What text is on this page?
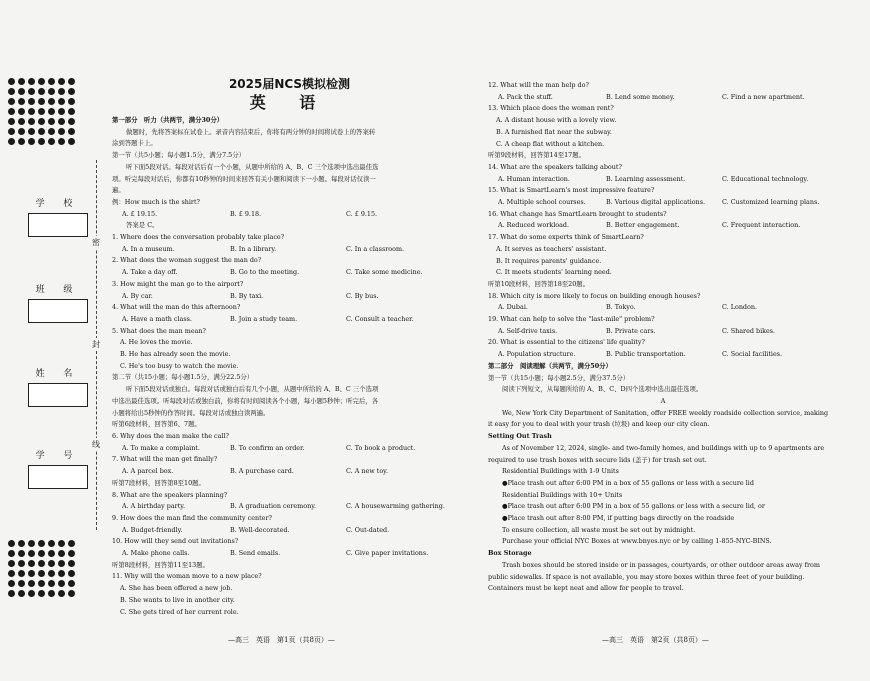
学 校
班 级
姓 名
学 号
密
封
线
2025届NCS模拟检测
英 语
第一部分　听力（共两节，满分30分）
做题时，先将答案标在试卷上。录音内容结束后，你将有两分钟的时间将试卷上的答案转
涂到答题卡上。
第一节（共5小题；每小题1.5分，满分7.5分）
听下面5段对话。每段对话后有一个小题，从题中所给的 A、B、C 三个选项中选出最佳选
项。听完每段对话后，你都有10秒钟的时间来回答有关小题和阅读下一小题。每段对话仅读一
遍。
例：How much is the shirt?
A. £ 19.15.	B. £ 9.18.	C. £ 9.15.
答案是 C。
1. Where does the conversation probably take place?
A. In a museum.	B. In a library.	C. In a classroom.
2. What does the woman suggest the man do?
A. Take a day off.	B. Go to the meeting.	C. Take some medicine.
3. How might the man go to the airport?
A. By car.	B. By taxi.	C. By bus.
4. What will the man do this afternoon?
A. Have a math class.	B. Join a study team.	C. Consult a teacher.
5. What does the man mean?
A. He loves the movie.
B. He has already seen the movie.
C. He's too busy to watch the movie.
第二节（共15小题；每小题1.5分，满分22.5分）
听下面5段对话或独白。每段对话或独白后有几个小题，从题中所给的 A、B、C 三个选项
中选出最佳选项。听每段对话或独白前，你将有时间阅读各个小题，每小题5秒钟；听完后，各
小题将给出5秒钟的作答时间。每段对话或独白读两遍。
听第6段材料，回答第6、7题。
6. Why does the man make the call?
A. To make a complaint.	B. To confirm an order.	C. To book a product.
7. What will the man get finally?
A. A parcel box.	B. A purchase card.	C. A new toy.
听第7段材料，回答第8至10题。
8. What are the speakers planning?
A. A birthday party.	B. A graduation ceremony.	C. A housewarming gathering.
9. How does the man find the community center?
A. Budget-friendly.	B. Well-decorated.	C. Out-dated.
10. How will they send out invitations?
A. Make phone calls.	B. Send emails.	C. Give paper invitations.
听第8段材料，回答第11至13题。
11. Why will the woman move to a new place?
A. She has been offered a new job.
B. She wants to live in another city.
C. She gets tired of her current role.
—高三　英语　第1页（共8页）—
12. What will the man help do?
A. Pack the stuff.	B. Lend some money.	C. Find a new apartment.
13. Which place does the woman rent?
A. A distant house with a lovely view.
B. A furnished flat near the subway.
C. A cheap flat without a kitchen.
听第9段材料，回答第14至17题。
14. What are the speakers talking about?
A. Human interaction.	B. Learning assessment.	C. Educational technology.
15. What is SmartLearn's most impressive feature?
A. Multiple school courses.	B. Various digital applications.	C. Customized learning plans.
16. What change has SmartLearn brought to students?
A. Reduced workload.	B. Better engagement.	C. Frequent interaction.
17. What do some experts think of SmartLearn?
A. It serves as teachers' assistant.
B. It requires parents' guidance.
C. It meets students' learning need.
听第10段材料，回答第18至20题。
18. Which city is more likely to focus on building enough houses?
A. Dubai.	B. Tokyo.	C. London.
19. What can help to solve the "last-mile" problem?
A. Self-drive taxis.	B. Private cars.	C. Shared bikes.
20. What is essential to the citizens' life quality?
A. Population structure.	B. Public transportation.	C. Social facilities.
第二部分　阅读理解（共两节，满分50分）
第一节（共15小题；每小题2.5分，满分37.5分）
阅读下列短文，从每题所给的 A、B、C、D四个选项中选出最佳选项。
A
We, New York City Department of Sanitation, offer FREE weekly roadside collection service, making
it easy for you to deal with your trash (垃圾) and keep our city clean.
Setting Out Trash
As of November 12, 2024, single- and two-family homes, and buildings with up to 9 apartments are
required to use trash boxes with secure lids (盖子) for trash set out.
Residential Buildings with 1-9 Units
●Place trash out after 6:00 PM in a box of 55 gallons or less with a secure lid
Residential Buildings with 10+ Units
●Place trash out after 6:00 PM in a box of 55 gallons or less with a secure lid, or
●Place trash out after 8:00 PM, if putting bags directly on the roadside
To ensure collection, all waste must be set out by midnight.
Purchase your official NYC Boxes at www.bnyes.nyc or by calling 1-855-NYC-BINS.
Box Storage
Trash boxes should be stored inside or in passages, courtyards, or other outdoor areas away from
public sidewalks. If space is not available, you may store boxes within three feet of your building.
Containers must be kept neat and allow for people to travel.
—高三　英语　第2页（共8页）—
